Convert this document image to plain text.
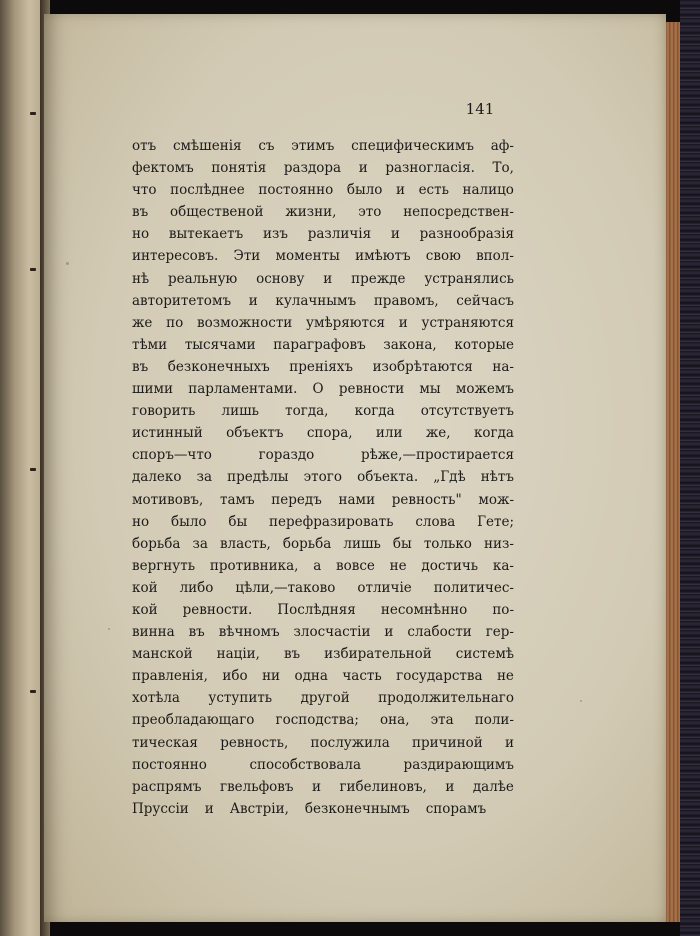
141
отъ смѣшенія съ этимъ специфическимъ аф-
фектомъ понятія раздора и разногласія. То,
что послѣднее постоянно было и есть налицо
въ общественой жизни, это непосредствен-
но вытекаетъ изъ различія и разнообразія
интересовъ. Эти моменты имѣютъ свою впол-
нѣ реальную основу и прежде устранялись
авторитетомъ и кулачнымъ правомъ, сейчасъ
же по возможности умѣряются и устраняются
тѣми тысячами параграфовъ закона, которые
въ безконечныхъ преніяхъ изобрѣтаются на-
шими парламентами. О ревности мы можемъ
говорить лишь тогда, когда отсутствуетъ
истинный объектъ спора, или же, когда
споръ—что	гораздо	рѣже,—простирается
далеко за предѣлы этого объекта. „Гдѣ нѣтъ
мотивовъ, тамъ передъ нами ревность" мож-
но было бы перефразировать слова Гете;
борьба за власть, борьба лишь бы только низ-
вергнуть противника, а вовсе не достичь ка-
кой либо цѣли,—таково отличіе политичес-
кой ревности. Послѣдняя несомнѣнно по-
винна въ вѣчномъ злосчастіи и слабости гер-
манской націи, въ избирательной системѣ
правленія, ибо ни одна часть государства не
хотѣла уступить другой продолжительнаго
преобладающаго господства; она, эта поли-
тическая ревность, послужила причиной и
постоянно	способствовала	раздирающимъ
распрямъ гвельфовъ и гибелиновъ, и далѣе
Пруссіи и Австріи, безконечнымъ спорамъ
